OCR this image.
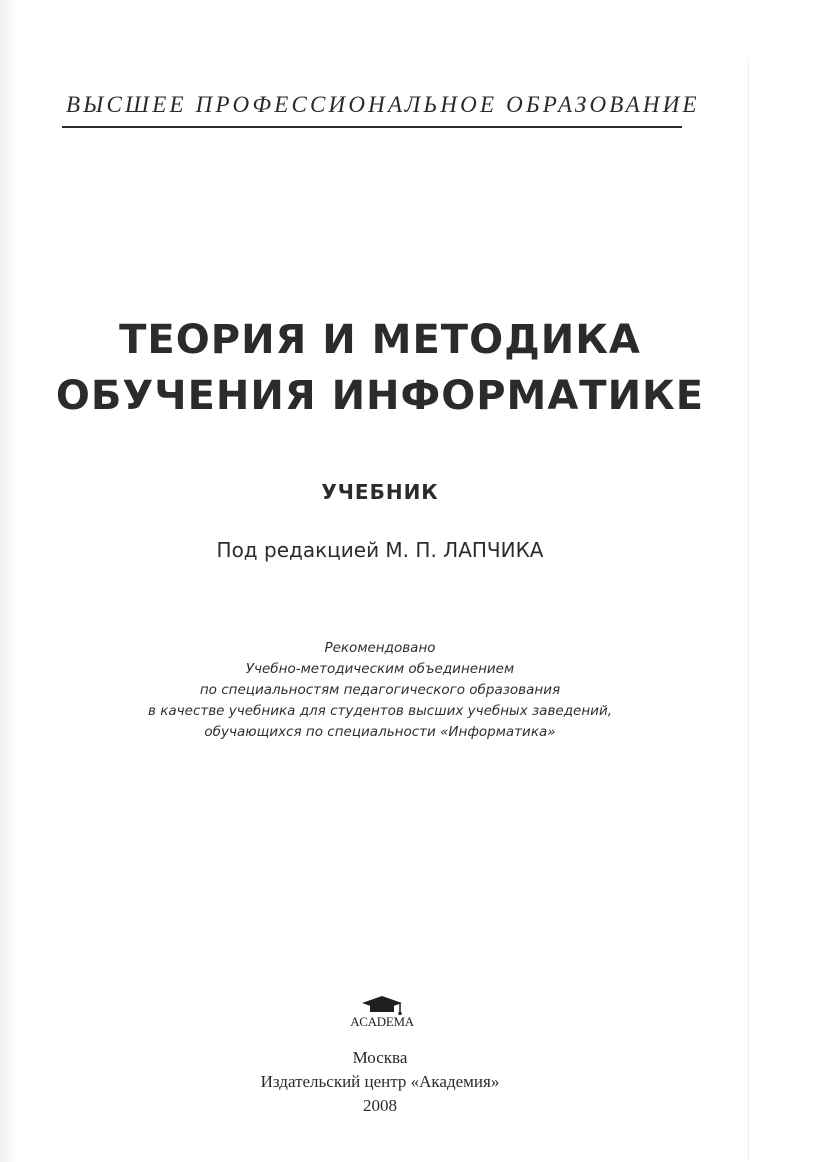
ВЫСШЕЕ ПРОФЕССИОНАЛЬНОЕ ОБРАЗОВАНИЕ
ТЕОРИЯ И МЕТОДИКА
ОБУЧЕНИЯ ИНФОРМАТИКЕ
УЧЕБНИК
Под редакцией М. П. ЛАПЧИКА
Рекомендовано
Учебно-методическим объединением
по специальностям педагогического образования
в качестве учебника для студентов высших учебных заведений,
обучающихся по специальности «Информатика»
ACADEMA
Москва
Издательский центр «Академия»
2008
